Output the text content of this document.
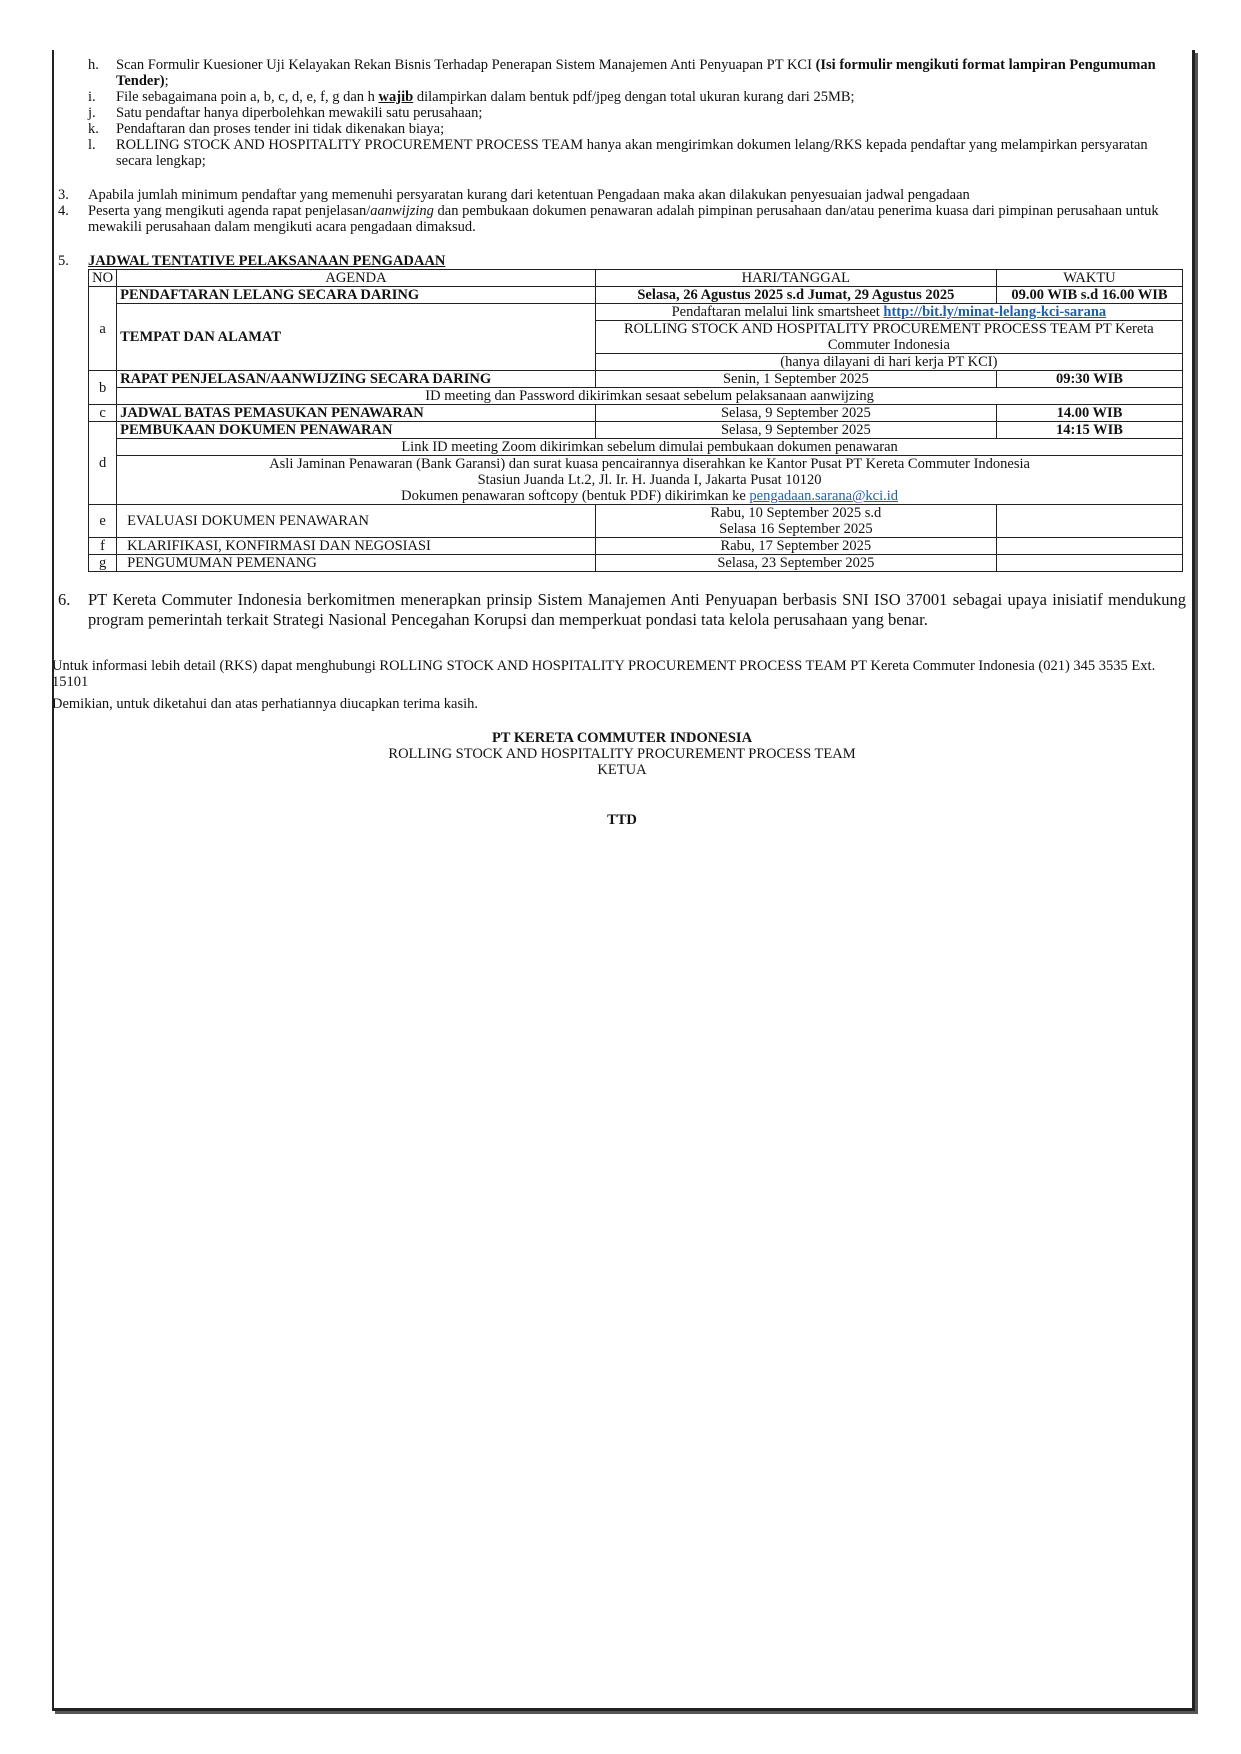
h. Scan Formulir Kuesioner Uji Kelayakan Rekan Bisnis Terhadap Penerapan Sistem Manajemen Anti Penyuapan PT KCI (Isi formulir mengikuti format lampiran Pengumuman Tender);
i. File sebagaimana poin a, b, c, d, e, f, g dan h wajib dilampirkan dalam bentuk pdf/jpeg dengan total ukuran kurang dari 25MB;
j. Satu pendaftar hanya diperbolehkan mewakili satu perusahaan;
k. Pendaftaran dan proses tender ini tidak dikenakan biaya;
l. ROLLING STOCK AND HOSPITALITY PROCUREMENT PROCESS TEAM hanya akan mengirimkan dokumen lelang/RKS kepada pendaftar yang melampirkan persyaratan secara lengkap;
3. Apabila jumlah minimum pendaftar yang memenuhi persyaratan kurang dari ketentuan Pengadaan maka akan dilakukan penyesuaian jadwal pengadaan
4. Peserta yang mengikuti agenda rapat penjelasan/aanwijzing dan pembukaan dokumen penawaran adalah pimpinan perusahaan dan/atau penerima kuasa dari pimpinan perusahaan untuk mewakili perusahaan dalam mengikuti acara pengadaan dimaksud.
5. JADWAL TENTATIVE PELAKSANAAN PENGADAAN
NO	AGENDA	HARI/TANGGAL	WAKTU
a	PENDAFTARAN LELANG SECARA DARING	Selasa, 26 Agustus 2025 s.d Jumat, 29 Agustus 2025	09.00 WIB s.d 16.00 WIB
	TEMPAT DAN ALAMAT	Pendaftaran melalui link smartsheet http://bit.ly/minat-lelang-kci-sarana	
		ROLLING STOCK AND HOSPITALITY PROCUREMENT PROCESS TEAM PT Kereta Commuter Indonesia	
		(hanya dilayani di hari kerja PT KCI)	
b	RAPAT PENJELASAN/AANWIJZING SECARA DARING	Senin, 1 September 2025	09:30 WIB
	ID meeting dan Password dikirimkan sesaat sebelum pelaksanaan aanwijzing		
c	JADWAL BATAS PEMASUKAN PENAWARAN	Selasa, 9 September 2025	14.00 WIB
d	PEMBUKAAN DOKUMEN PENAWARAN	Selasa, 9 September 2025	14:15 WIB
	Link ID meeting Zoom dikirimkan sebelum dimulai pembukaan dokumen penawaran		

	Asli Jaminan Penawaran (Bank Garansi) dan surat kuasa pencairannya diserahkan ke Kantor Pusat PT Kereta Commuter Indonesia
Stasiun Juanda Lt.2, Jl. Ir. H. Juanda I, Jakarta Pusat 10120
Dokumen penawaran softcopy (bentuk PDF) dikirimkan ke pengadaan.sarana@kci.id		

e	EVALUASI DOKUMEN PENAWARAN	Rabu, 10 September 2025 s.d
Selasa 16 September 2025	

f	KLARIFIKASI, KONFIRMASI DAN NEGOSIASI	Rabu, 17 September 2025	
g	PENGUMUMAN PEMENANG	Selasa, 23 September 2025	
6. PT Kereta Commuter Indonesia berkomitmen menerapkan prinsip Sistem Manajemen Anti Penyuapan berbasis SNI ISO 37001 sebagai upaya inisiatif mendukung program pemerintah terkait Strategi Nasional Pencegahan Korupsi dan memperkuat pondasi tata kelola perusahaan yang benar.
Untuk informasi lebih detail (RKS) dapat menghubungi ROLLING STOCK AND HOSPITALITY PROCUREMENT PROCESS TEAM PT Kereta Commuter Indonesia (021) 345 3535 Ext. 15101
Demikian, untuk diketahui dan atas perhatiannya diucapkan terima kasih.
PT KERETA COMMUTER INDONESIA
ROLLING STOCK AND HOSPITALITY PROCUREMENT PROCESS TEAM
KETUA
TTD
